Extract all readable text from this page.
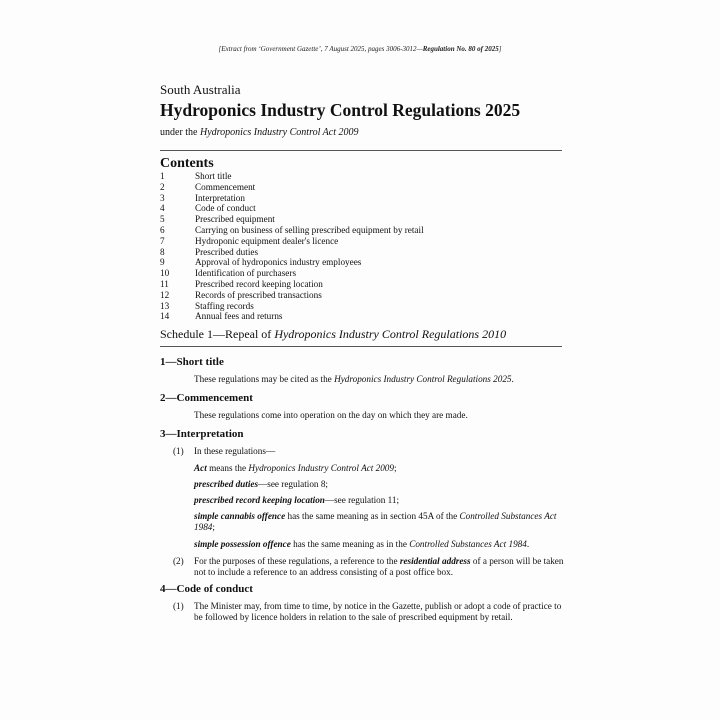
[Extract from ‘Government Gazette’, 7 August 2025, pages 3006-3012—Regulation No. 80 of 2025]
South Australia
Hydroponics Industry Control Regulations 2025
under the Hydroponics Industry Control Act 2009
Contents
1	Short title
2	Commencement
3	Interpretation
4	Code of conduct
5	Prescribed equipment
6	Carrying on business of selling prescribed equipment by retail
7	Hydroponic equipment dealer's licence
8	Prescribed duties
9	Approval of hydroponics industry employees
10	Identification of purchasers
11	Prescribed record keeping location
12	Records of prescribed transactions
13	Staffing records
14	Annual fees and returns
Schedule 1—Repeal of Hydroponics Industry Control Regulations 2010
1—Short title
These regulations may be cited as the Hydroponics Industry Control Regulations 2025.
2—Commencement
These regulations come into operation on the day on which they are made.
3—Interpretation
(1) In these regulations—
Act means the Hydroponics Industry Control Act 2009;
prescribed duties—see regulation 8;
prescribed record keeping location—see regulation 11;
simple cannabis offence has the same meaning as in section 45A of the Controlled Substances Act 1984;
simple possession offence has the same meaning as in the Controlled Substances Act 1984.
(2) For the purposes of these regulations, a reference to the residential address of a person will be taken not to include a reference to an address consisting of a post office box.
4—Code of conduct
(1) The Minister may, from time to time, by notice in the Gazette, publish or adopt a code of practice to be followed by licence holders in relation to the sale of prescribed equipment by retail.
